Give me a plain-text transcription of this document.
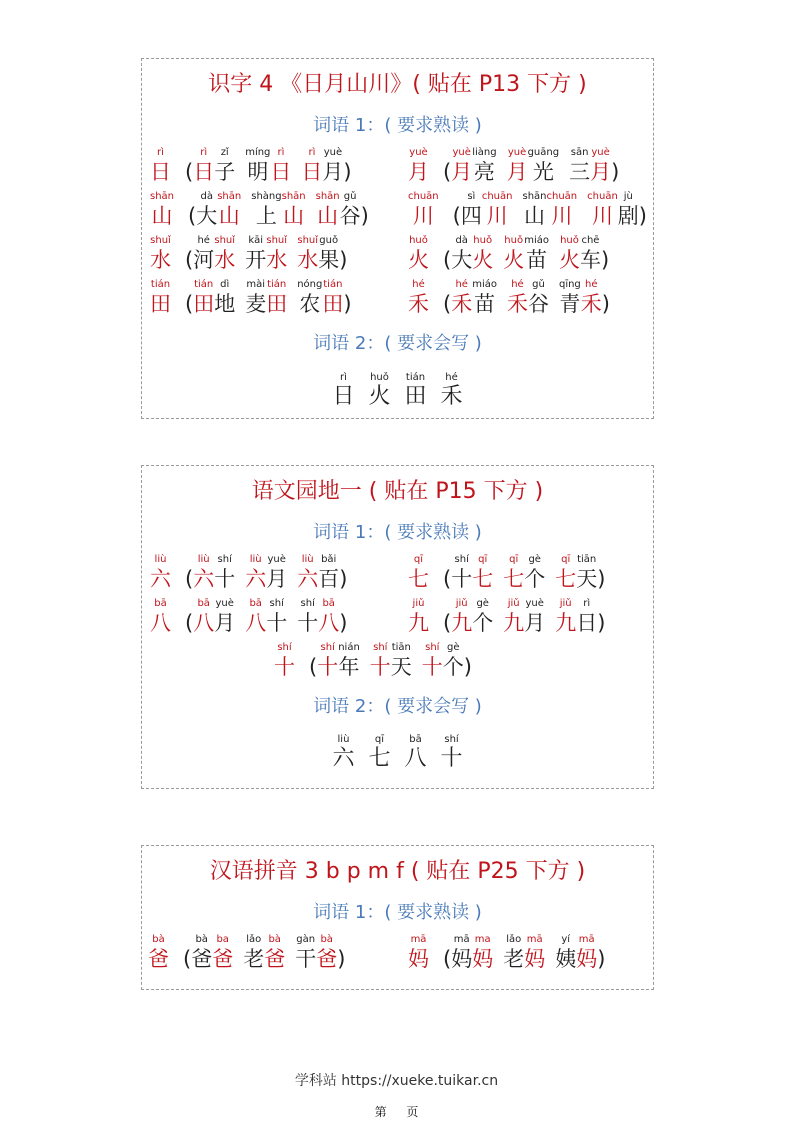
识字 4 《日月山川》( 贴在 P13 下方 )
词语 1：( 要求熟读 )
rì
日 (
rì
日
zǐ
子
míng
明
rì
日
rì
日
yuè
月 )
yuè
月 (
yuè
月
liàng
亮
yuè
月
guāng
光
sān
三
yuè
月 )
shān
山 (
dà
大
shān
山
shàng
上
shān
山
shān
山
gǔ
谷 )
chuān
川 (
sì
四
chuān
川
shān
山
chuān
川
chuān
川
jù
剧 )
shuǐ
水 (
hé
河
shuǐ
水
kāi
开
shuǐ
水
shuǐ
水
guǒ
果 )
huǒ
火 (
dà
大
huǒ
火
huǒ
火
miáo
苗
huǒ
火
chē
车 )
tián
田 (
tián
田
dì
地
mài
麦
tián
田
nóng
农
tián
田 )
hé
禾 (
hé
禾
miáo
苗
hé
禾
gǔ
谷
qīng
青
hé
禾 )
词语 2：( 要求会写 )
rì
日
huǒ
火
tián
田
hé
禾
语文园地一 ( 贴在 P15 下方 )
词语 1：( 要求熟读 )
liù
六 (
liù
六
shí
十
liù
六
yuè
月
liù
六
bǎi
百 )
qī
七 (
shí
十
qī
七
qī
七
gè
个
qī
七
tiān
天 )
bā
八 (
bā
八
yuè
月
bā
八
shí
十
shí
十
bā
八 )
jiǔ
九 (
jiǔ
九
gè
个
jiǔ
九
yuè
月
jiǔ
九
rì
日 )
shí
十 (
shí
十
nián
年
shí
十
tiān
天
shí
十
gè
个 )
词语 2：( 要求会写 )
liù
六
qī
七
bā
八
shí
十
汉语拼音 3 b p m f ( 贴在 P25 下方 )
词语 1：( 要求熟读 )
bà
爸 (
bà
爸
ba
爸
lǎo
老
bà
爸
gàn
干
bà
爸 )
mā
妈 (
mā
妈
ma
妈
lǎo
老
mā
妈
yí
姨
mā
妈 )
学科站 https://xueke.tuikar.cn
第 页
